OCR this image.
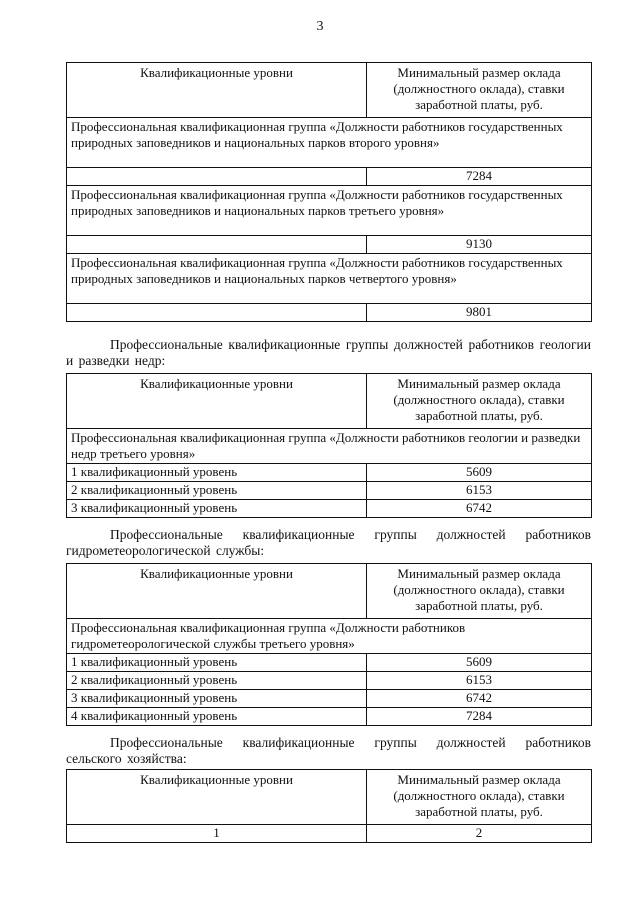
3
Квалификационные уровни	Минимальный размер оклада (должностного оклада), ставки заработной платы, руб.
Профессиональная квалификационная группа «Должности работников государственных природных заповедников и национальных парков второго уровня»	
	7284
Профессиональная квалификационная группа «Должности работников государственных природных заповедников и национальных парков третьего уровня»	
	9130
Профессиональная квалификационная группа «Должности работников государственных природных заповедников и национальных парков четвертого уровня»	
	9801
Профессиональные квалификационные группы должностей работников геологии и разведки недр:
Квалификационные уровни	Минимальный размер оклада (должностного оклада), ставки заработной платы, руб.
Профессиональная квалификационная группа «Должности работников геологии и разведки недр третьего уровня»	
1 квалификационный уровень	5609
2 квалификационный уровень	6153
3 квалификационный уровень	6742
Профессиональные квалификационные группы должностей работников гидрометеорологической службы:
Квалификационные уровни	Минимальный размер оклада (должностного оклада), ставки заработной платы, руб.
Профессиональная квалификационная группа «Должности работников гидрометеорологической службы третьего уровня»	
1 квалификационный уровень	5609
2 квалификационный уровень	6153
3 квалификационный уровень	6742
4 квалификационный уровень	7284
Профессиональные квалификационные группы должностей работников сельского хозяйства:
Квалификационные уровни	Минимальный размер оклада (должностного оклада), ставки заработной платы, руб.
1	2
